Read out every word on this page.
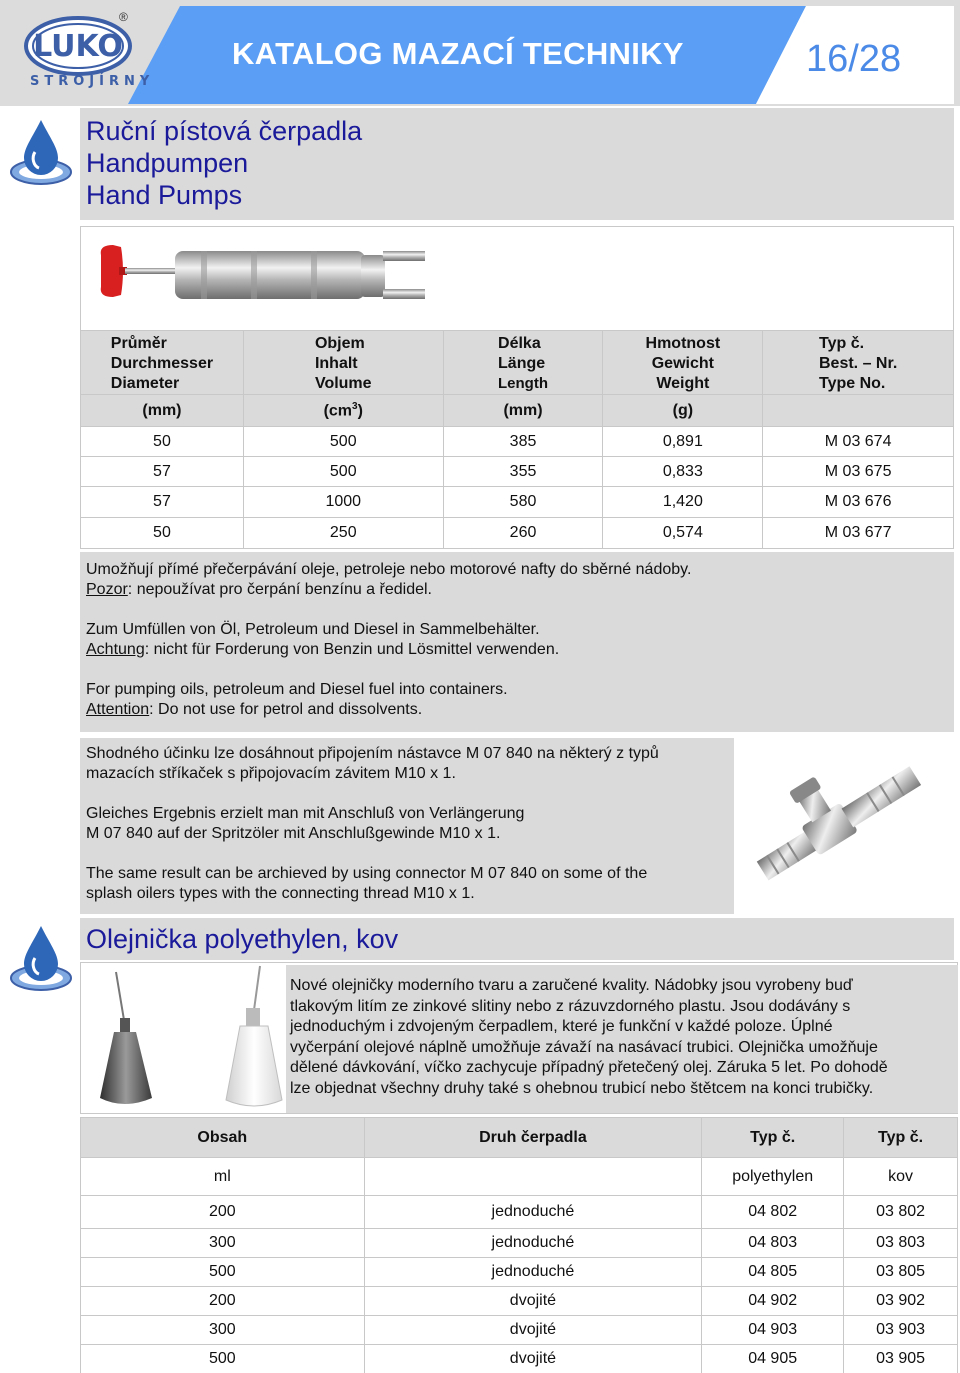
LUKO
®
STROJÍRNY
KATALOG MAZACÍ TECHNIKY	16/28
Ruční pístová čerpadla
Handpumpen
Hand Pumps
Průměr
Durchmesser
Diameter	Objem
Inhalt
Volume	Délka
Länge
Length	Hmotnost
Gewicht
Weight	Typ č.
Best. – Nr.
Type No.
(mm)	$(cm^3)$	(mm)	(g)	
50	500	385	0,891	M 03 674
57	500	355	0,833	M 03 675
57	1000	580	1,420	M 03 676
50	250	260	0,574	M 03 677

Umožňují přímé přečerpávání oleje, petroleje nebo motorové nafty do sběrné nádoby.
Pozor: nepoužívat pro čerpání benzínu a ředidel.

Zum Umfüllen von Öl, Petroleum und Diesel in Sammelbehälter.
Achtung: nicht für Forderung von Benzin und Lösmittel verwenden.

For pumping oils, petroleum and Diesel fuel into containers.
Attention: Do not use for petrol and dissolvents.

Shodného účinku lze dosáhnout připojením nástavce M 07 840 na některý z typů
mazacích stříkaček s připojovacím závitem M10 x 1.

Gleiches Ergebnis erzielt man mit Anschluß von Verlängerung
M 07 840 auf der Spritzöler mit Anschlußgewinde M10 x 1.

The same result can be archieved by using connector M 07 840 on some of the
splash oilers types with the connecting thread M10 x 1.

Olejnička polyethylen, kov
Nové olejničky moderního tvaru a zaručené kvality. Nádobky jsou vyrobeny buď
tlakovým litím ze zinkové slitiny nebo z rázuvzdorného plastu. Jsou dodávány s
jednoduchým i zdvojeným čerpadlem, které je funkční v každé poloze. Úplné
vyčerpání olejové náplně umožňuje závaží na nasávací trubici. Olejnička umožňuje
dělené dávkování, víčko zachycuje případný přetečený olej. Záruka 5 let. Po dohodě
lze objednat všechny druhy také s ohebnou trubicí nebo štětcem na konci trubičky.
Obsah	Druh čerpadla	Typ č.	Typ č.
ml		polyethylen	kov
200	jednoduché	04 802	03 802
300	jednoduché	04 803	03 803
500	jednoduché	04 805	03 805
200	dvojité	04 902	03 902
300	dvojité	04 903	03 903
500	dvojité	04 905	03 905
